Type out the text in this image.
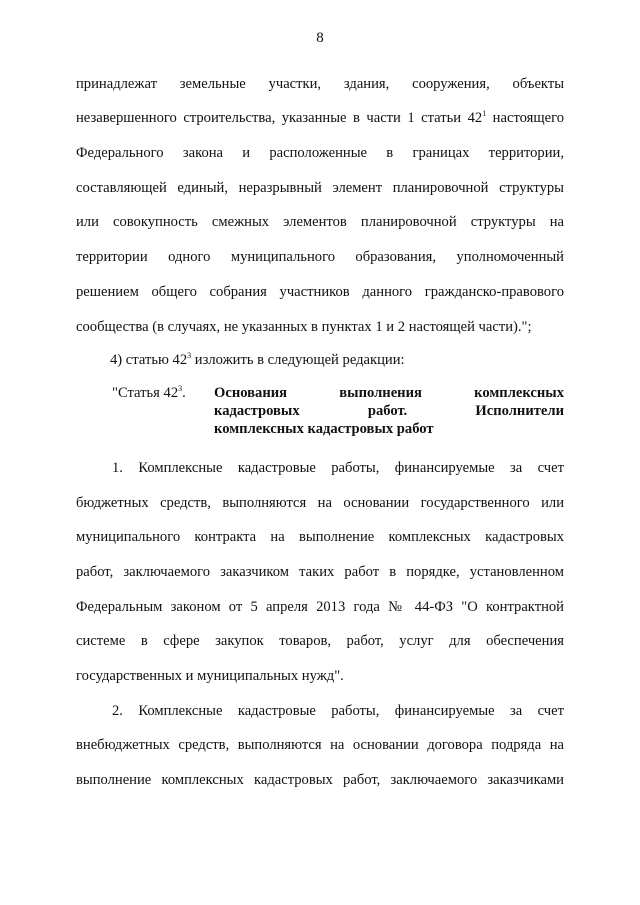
8
принадлежат земельные участки, здания, сооружения, объекты
незавершенного строительства, указанные в части 1 статьи $42^1$ настоящего
Федерального закона и расположенные в границах территории,
составляющей единый, неразрывный элемент планировочной структуры
или совокупность смежных элементов планировочной структуры на
территории одного муниципального образования, уполномоченный
решением общего собрания участников данного гражданско-правового
сообщества (в случаях, не указанных в пунктах 1 и 2 настоящей части).";
4) статью $42^3$ изложить в следующей редакции:
"Статья $42^3$. Основания выполнения комплексных
кадастровых работ. Исполнители
комплексных кадастровых работ
1. Комплексные кадастровые работы, финансируемые за счет
бюджетных средств, выполняются на основании государственного или
муниципального контракта на выполнение комплексных кадастровых
работ, заключаемого заказчиком таких работ в порядке, установленном
Федеральным законом от 5 апреля 2013 года № 44-ФЗ "О контрактной
системе в сфере закупок товаров, работ, услуг для обеспечения
государственных и муниципальных нужд".
2. Комплексные кадастровые работы, финансируемые за счет
внебюджетных средств, выполняются на основании договора подряда на
выполнение комплексных кадастровых работ, заключаемого заказчиками
